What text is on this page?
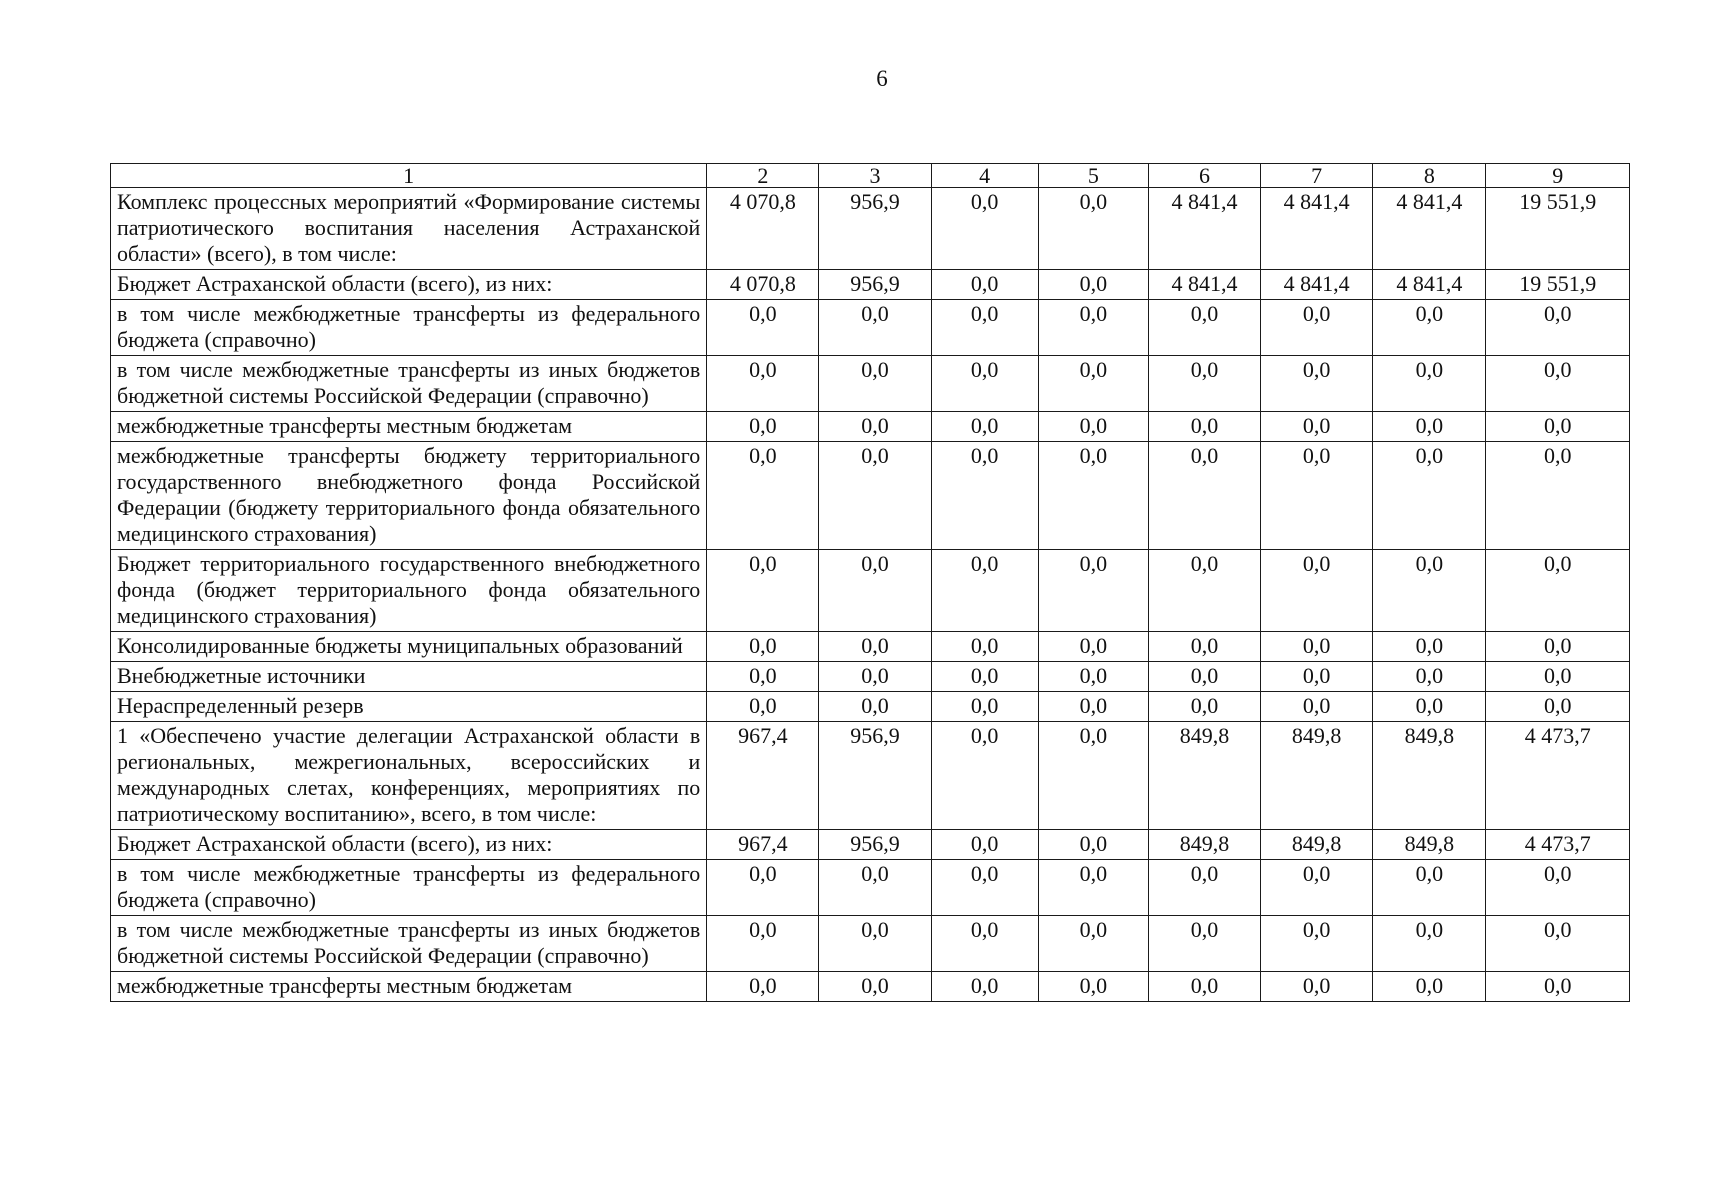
6
1	2	3	4	5	6	7	8	9
Комплекс процессных мероприятий «Формирование системы патриотического воспитания населения Астраханской области» (всего), в том числе:	4 070,8	956,9	0,0	0,0	4 841,4	4 841,4	4 841,4	19 551,9
Бюджет Астраханской области (всего), из них:	4 070,8	956,9	0,0	0,0	4 841,4	4 841,4	4 841,4	19 551,9
в том числе межбюджетные трансферты из федерального бюджета (справочно)	0,0	0,0	0,0	0,0	0,0	0,0	0,0	0,0
в том числе межбюджетные трансферты из иных бюджетов бюджетной системы Российской Федерации (справочно)	0,0	0,0	0,0	0,0	0,0	0,0	0,0	0,0
межбюджетные трансферты местным бюджетам	0,0	0,0	0,0	0,0	0,0	0,0	0,0	0,0
межбюджетные трансферты бюджету территориального государственного внебюджетного фонда Российской Федерации (бюджету территориального фонда обязательного медицинского страхования)	0,0	0,0	0,0	0,0	0,0	0,0	0,0	0,0
Бюджет территориального государственного внебюджетного фонда (бюджет территориального фонда обязательного медицинского страхования)	0,0	0,0	0,0	0,0	0,0	0,0	0,0	0,0
Консолидированные бюджеты муниципальных образований	0,0	0,0	0,0	0,0	0,0	0,0	0,0	0,0
Внебюджетные источники	0,0	0,0	0,0	0,0	0,0	0,0	0,0	0,0
Нераспределенный резерв	0,0	0,0	0,0	0,0	0,0	0,0	0,0	0,0
1 «Обеспечено участие делегации Астраханской области в региональных, межрегиональных, всероссийских и международных слетах, конференциях, мероприятиях по патриотическому воспитанию», всего, в том числе:	967,4	956,9	0,0	0,0	849,8	849,8	849,8	4 473,7
Бюджет Астраханской области (всего), из них:	967,4	956,9	0,0	0,0	849,8	849,8	849,8	4 473,7
в том числе межбюджетные трансферты из федерального бюджета (справочно)	0,0	0,0	0,0	0,0	0,0	0,0	0,0	0,0
в том числе межбюджетные трансферты из иных бюджетов бюджетной системы Российской Федерации (справочно)	0,0	0,0	0,0	0,0	0,0	0,0	0,0	0,0
межбюджетные трансферты местным бюджетам	0,0	0,0	0,0	0,0	0,0	0,0	0,0	0,0
